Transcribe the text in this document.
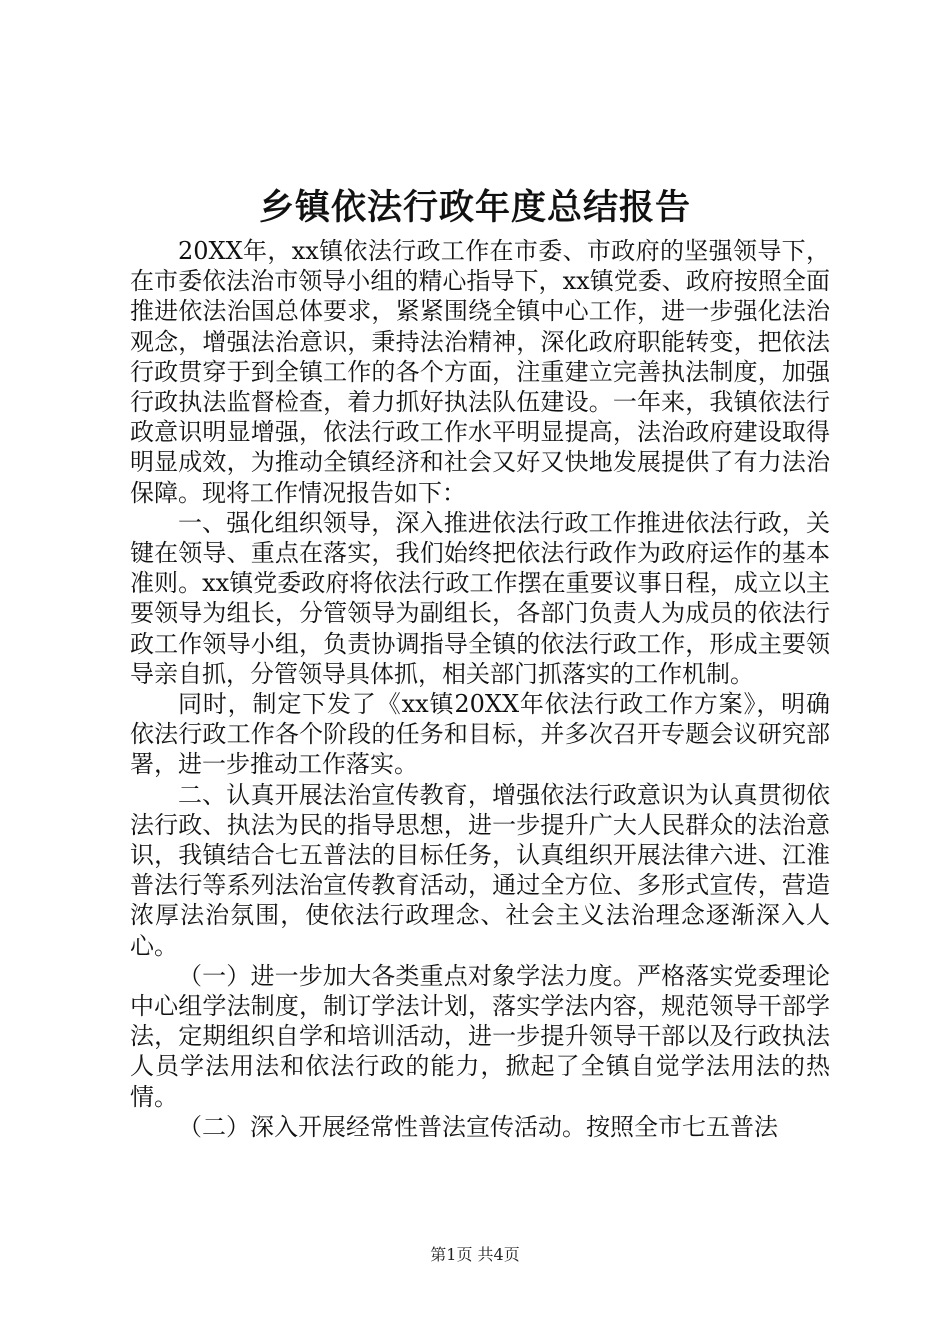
乡镇依法行政年度总结报告

20XX年，xx镇依法行政工作在市委、市政府的坚强领导下，在市委依法治市领导小组的精心指导下，xx镇党委、政府按照全面推进依法治国总体要求，紧紧围绕全镇中心工作，进一步强化法治观念，增强法治意识，秉持法治精神，深化政府职能转变，把依法行政贯穿于到全镇工作的各个方面，注重建立完善执法制度，加强行政执法监督检查，着力抓好执法队伍建设。一年来，我镇依法行政意识明显增强，依法行政工作水平明显提高，法治政府建设取得明显成效，为推动全镇经济和社会又好又快地发展提供了有力法治保障。现将工作情况报告如下：

一、强化组织领导，深入推进依法行政工作推进依法行政，关键在领导、重点在落实，我们始终把依法行政作为政府运作的基本准则。xx镇党委政府将依法行政工作摆在重要议事日程，成立以主要领导为组长，分管领导为副组长，各部门负责人为成员的依法行政工作领导小组，负责协调指导全镇的依法行政工作，形成主要领导亲自抓，分管领导具体抓，相关部门抓落实的工作机制。

同时，制定下发了《xx镇20XX年依法行政工作方案》，明确依法行政工作各个阶段的任务和目标，并多次召开专题会议研究部署，进一步推动工作落实。

二、认真开展法治宣传教育，增强依法行政意识为认真贯彻依法行政、执法为民的指导思想，进一步提升广大人民群众的法治意识，我镇结合七五普法的目标任务，认真组织开展法律六进、江淮普法行等系列法治宣传教育活动，通过全方位、多形式宣传，营造浓厚法治氛围，使依法行政理念、社会主义法治理念逐渐深入人心。

（一）进一步加大各类重点对象学法力度。严格落实党委理论中心组学法制度，制订学法计划，落实学法内容，规范领导干部学法，定期组织自学和培训活动，进一步提升领导干部以及行政执法人员学法用法和依法行政的能力，掀起了全镇自觉学法用法的热情。

（二）深入开展经常性普法宣传活动。按照全市七五普法

第1页 共4页
